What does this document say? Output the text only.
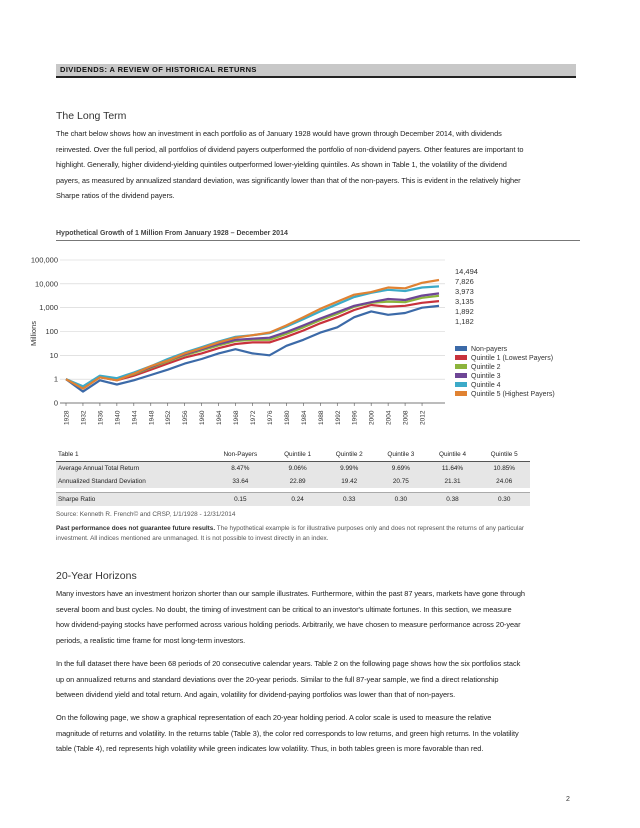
DIVIDENDS: A REVIEW OF HISTORICAL RETURNS
The Long Term

The chart below shows how an investment in each portfolio as of January 1928 would have grown through December 2014, with dividends reinvested. Over the full period, all portfolios of dividend payers outperformed the portfolio of non-dividend payers. Other features are important to highlight. Generally, higher dividend-yielding quintiles outperformed lower-yielding quintiles. As shown in Table 1, the volatility of the dividend payers, as measured by annualized standard deviation, was significantly lower than that of the non-payers. This is evident in the relatively higher Sharpe ratios of the dividend payers.

Hypothetical Growth of 1 Million From January 1928 – December 2014
0
1
10
100
1,000
10,000
100,000
Millions
1928 1932 1936 1940 1944 1948 1952 1956 1960 1964 1968 1972 1976 1980 1984 1988 1992 1996 2000 2004 2008 2012
14,494
7,826
3,973
3,135
1,892
1,182
Non-payers
Quintile 1 (Lowest Payers)
Quintile 2
Quintile 3
Quintile 4
Quintile 5 (Highest Payers)
Table 1	Non-Payers	Quintile 1	Quintile 2	Quintile 3	Quintile 4	Quintile 5
Average Annual Total Return	8.47%	9.06%	9.99%	9.69%	11.64%	10.85%
Annualized Standard Deviation	33.64	22.89	19.42	20.75	21.31	24.06

Sharpe Ratio	0.15	0.24	0.33	0.30	0.38	0.30
Source: Kenneth R. French© and CRSP, 1/1/1928 - 12/31/2014
Past performance does not guarantee future results. The hypothetical example is for illustrative purposes only and does not represent the returns of any particular investment. All indices mentioned are unmanaged. It is not possible to invest directly in an index.
20-Year Horizons

Many investors have an investment horizon shorter than our sample illustrates. Furthermore, within the past 87 years, markets have gone through several boom and bust cycles. No doubt, the timing of investment can be critical to an investor's ultimate fortunes. In this section, we measure how dividend-paying stocks have performed across various holding periods. Arbitrarily, we have chosen to measure performance across 20-year periods, a realistic time frame for most long-term investors.

In the full dataset there have been 68 periods of 20 consecutive calendar years. Table 2 on the following page shows how the six portfolios stack up on annualized returns and standard deviations over the 20-year periods. Similar to the full 87-year sample, we find a direct relationship between dividend yield and total return. And again, volatility for dividend-paying portfolios was lower than that of non-payers.

On the following page, we show a graphical representation of each 20-year holding period. A color scale is used to measure the relative magnitude of returns and volatility. In the returns table (Table 3), the color red corresponds to low returns, and green high returns. In the volatility table (Table 4), red represents high volatility while green indicates low volatility. Thus, in both tables green is more favorable than red.

2
